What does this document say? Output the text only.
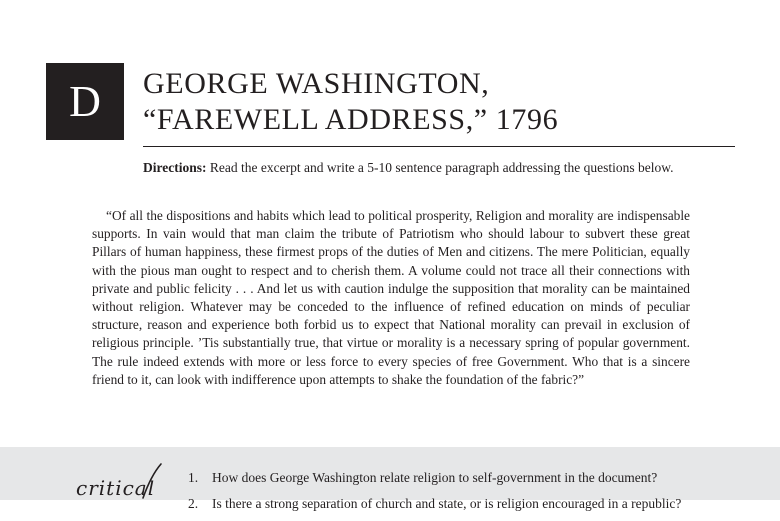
D GEORGE WASHINGTON,
“FAREWELL ADDRESS,” 1796
Directions: Read the excerpt and write a 5-10 sentence paragraph addressing the questions below.

“Of all the dispositions and habits which lead to political prosperity, Religion and morality are indispensable supports. In vain would that man claim the tribute of Patriotism who should labour to subvert these great Pillars of human happiness, these firmest props of the duties of Men and citizens. The mere Politician, equally with the pious man ought to respect and to cherish them. A volume could not trace all their connections with private and public felicity . . . And let us with caution indulge the supposition that morality can be maintained without religion. Whatever may be conceded to the influence of refined education on minds of peculiar structure, reason and experience both forbid us to expect that National morality can prevail in exclusion of religious principle. ’Tis substantially true, that virtue or morality is a necessary spring of popular government. The rule indeed extends with more or less force to every species of free Government. Who that is a sincere friend to it, can look with indifference upon attempts to shake the foundation of the fabric?”

critical 1.	How does George Washington relate religion to self-government in the document?
2.	Is there a strong separation of church and state, or is religion encouraged in a republic?
